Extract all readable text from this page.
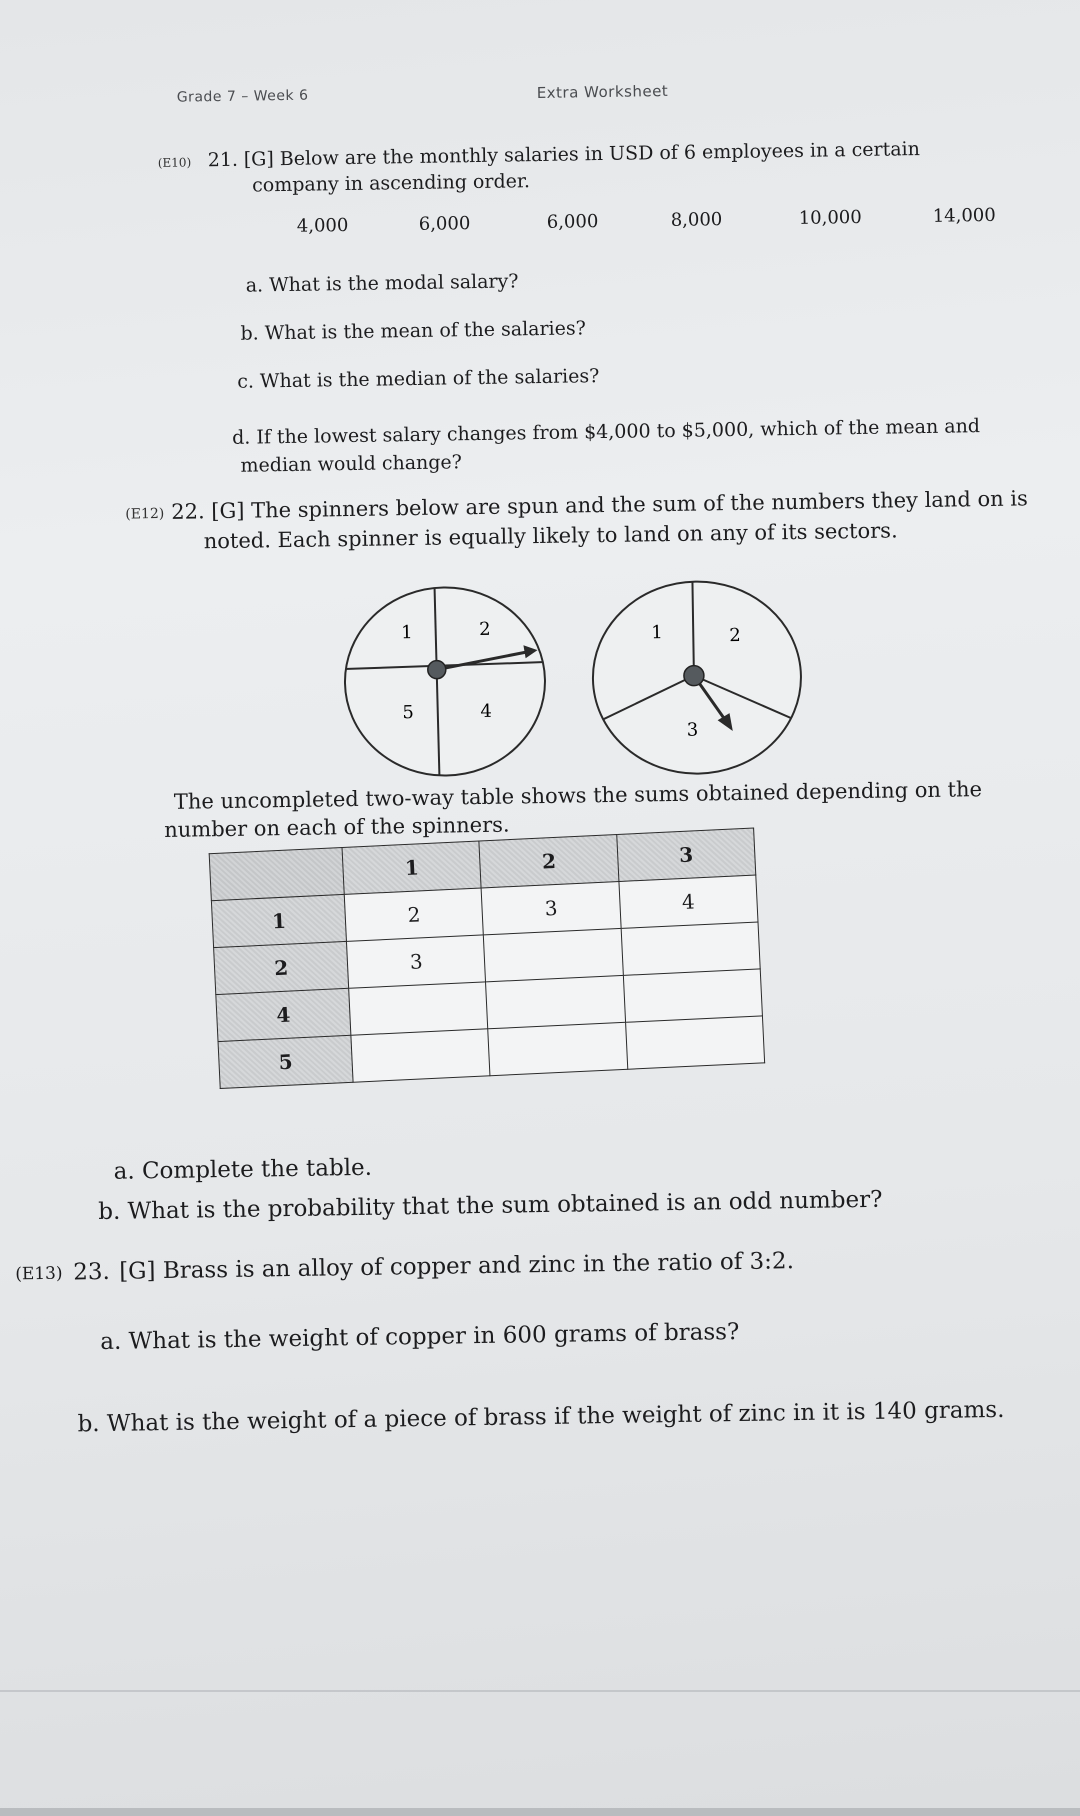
Grade 7 – Week 6	Extra Worksheet
(E10) 21. [G] Below are the monthly salaries in USD of 6 employees in a certain
company in ascending order.
4,000	6,000	6,000	8,000	10,000	14,000
a. What is the modal salary?
b. What is the mean of the salaries?
c. What is the median of the salaries?
d. If the lowest salary changes from $4,000 to $5,000, which of the mean and
median would change?
(E12) 22. [G] The spinners below are spun and the sum of the numbers they land on is
noted. Each spinner is equally likely to land on any of its sectors.
1	2
5	4
1	2
3
The uncompleted two-way table shows the sums obtained depending on the
number on each of the spinners.
	1	2	3
1	2	3	4
2	3		
4			
5			
a. Complete the table.
b. What is the probability that the sum obtained is an odd number?
(E13) 23. [G] Brass is an alloy of copper and zinc in the ratio of 3:2.
a. What is the weight of copper in 600 grams of brass?
b. What is the weight of a piece of brass if the weight of zinc in it is 140 grams.
